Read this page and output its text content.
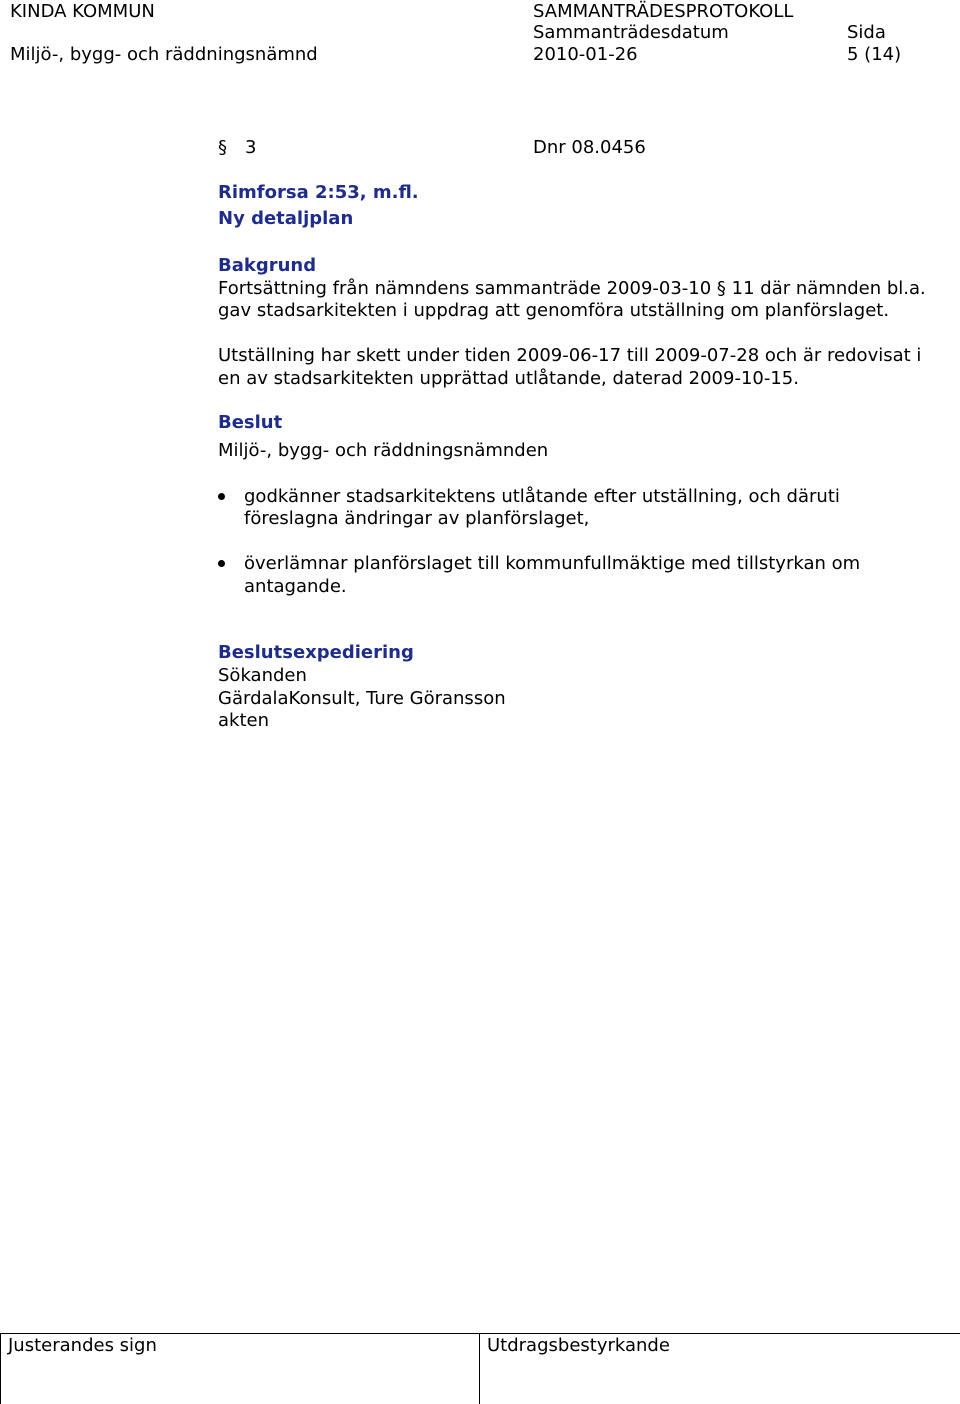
KINDA KOMMUN
Miljö-, bygg- och räddningsnämnd
SAMMANTRÄDESPROTOKOLL
Sammanträdesdatum
2010-01-26
Sida
5 (14)
§ 3	Dnr 08.0456
Rimforsa 2:53, m.fl.
Ny detaljplan
Bakgrund
Fortsättning från nämndens sammanträde 2009-03-10 § 11 där nämnden bl.a.
gav stadsarkitekten i uppdrag att genomföra utställning om planförslaget.
Utställning har skett under tiden 2009-06-17 till 2009-07-28 och är redovisat i
en av stadsarkitekten upprättad utlåtande, daterad 2009-10-15.
Beslut
Miljö-, bygg- och räddningsnämnden
godkänner stadsarkitektens utlåtande efter utställning, och däruti
föreslagna ändringar av planförslaget,
överlämnar planförslaget till kommunfullmäktige med tillstyrkan om
antagande.
Beslutsexpediering
Sökanden
GärdalaKonsult, Ture Göransson
akten
Justerandes sign	Utdragsbestyrkande
